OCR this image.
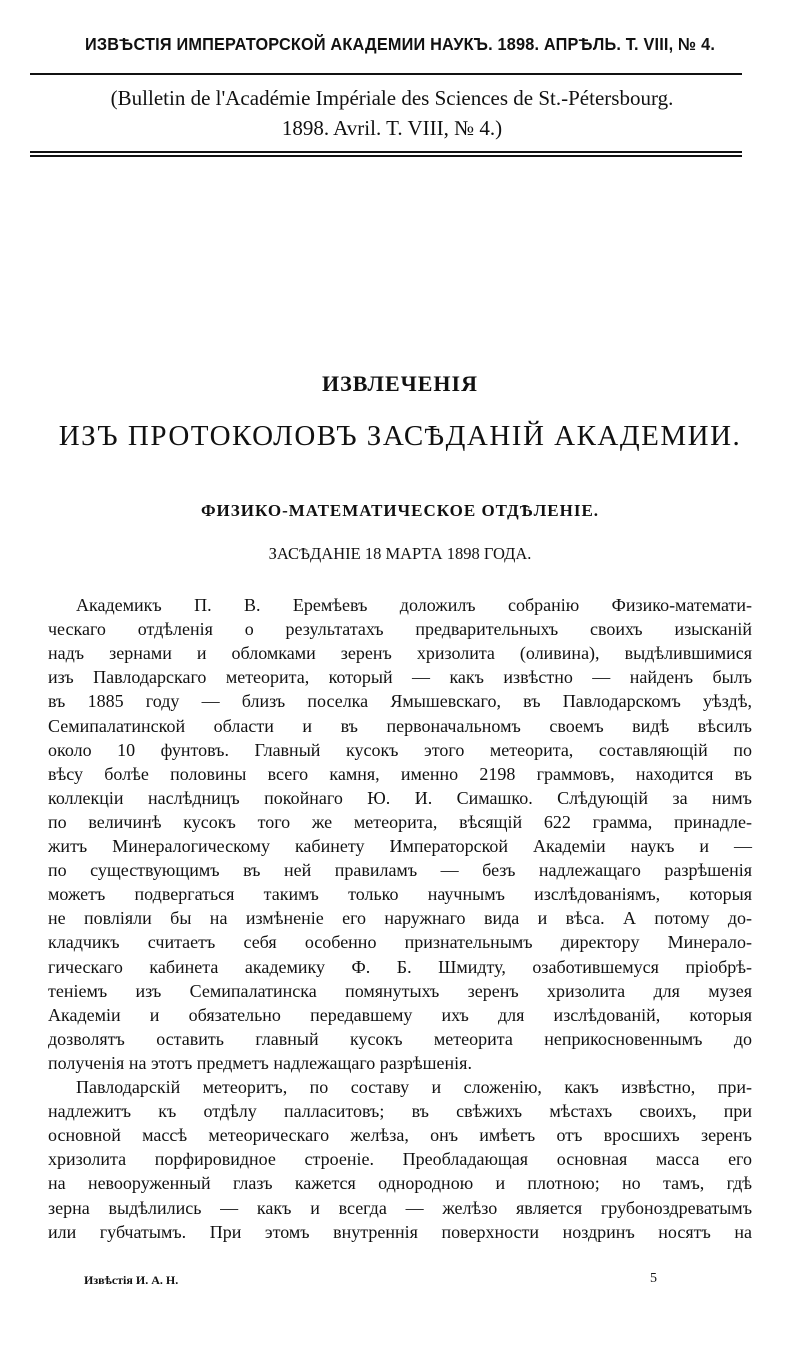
ИЗВѢСТІЯ ИМПЕРАТОРСКОЙ АКАДЕМИИ НАУКЪ. 1898. АПРѢЛЬ. Т. VIII, № 4.
(Bulletin de l'Académie Impériale des Sciences de St.-Pétersbourg.
1898. Avril. T. VIII, № 4.)
ИЗВЛЕЧЕНІЯ
ИЗЪ ПРОТОКОЛОВЪ ЗАСѢДАНІЙ АКАДЕМИИ.
ФИЗИКО-МАТЕМАТИЧЕСКОЕ ОТДѢЛЕНІЕ.
ЗАСѢДАНІЕ 18 МАРТА 1898 ГОДА.
Академикъ П. В. Еремѣевъ доложилъ собранію Физико-математи-
ческаго отдѣленія о результатахъ предварительныхъ своихъ изысканій
надъ зернами и обломками зеренъ хризолита (оливина), выдѣлившимися
изъ Павлодарскаго метеорита, который — какъ извѣстно — найденъ былъ
въ 1885 году — близъ поселка Ямышевскаго, въ Павлодарскомъ уѣздѣ,
Семипалатинской области и въ первоначальномъ своемъ видѣ вѣсилъ
около 10 фунтовъ. Главный кусокъ этого метеорита, составляющій по
вѣсу болѣе половины всего камня, именно 2198 граммовъ, находится въ
коллекціи наслѣдницъ покойнаго Ю. И. Симашко. Слѣдующій за нимъ
по величинѣ кусокъ того же метеорита, вѣсящій 622 грамма, принадле-
житъ Минералогическому кабинету Императорской Академіи наукъ и —
по существующимъ въ ней правиламъ — безъ надлежащаго разрѣшенія
можетъ подвергаться такимъ только научнымъ изслѣдованіямъ, которыя
не повліяли бы на измѣненіе его наружнаго вида и вѣса. А потому до-
кладчикъ считаетъ себя особенно признательнымъ директору Минерало-
гическаго кабинета академику Ф. Б. Шмидту, озаботившемуся пріобрѣ-
теніемъ изъ Семипалатинска помянутыхъ зеренъ хризолита для музея
Академіи и обязательно передавшему ихъ для изслѣдованій, которыя
дозволятъ оставить главный кусокъ метеорита неприкосновеннымъ до
полученія на этотъ предметъ надлежащаго разрѣшенія.
Павлодарскій метеоритъ, по составу и сложенію, какъ извѣстно, при-
надлежитъ къ отдѣлу палласитовъ; въ свѣжихъ мѣстахъ своихъ, при
основной массѣ метеорическаго желѣза, онъ имѣетъ отъ вросшихъ зеренъ
хризолита порфировидное строеніе. Преобладающая основная масса его
на невооруженный глазъ кажется однородною и плотною; но тамъ, гдѣ
зерна выдѣлились — какъ и всегда — желѣзо является грубоноздреватымъ
или губчатымъ. При этомъ внутреннія поверхности ноздринъ носятъ на
Извѣстія И. А. Н.	5
